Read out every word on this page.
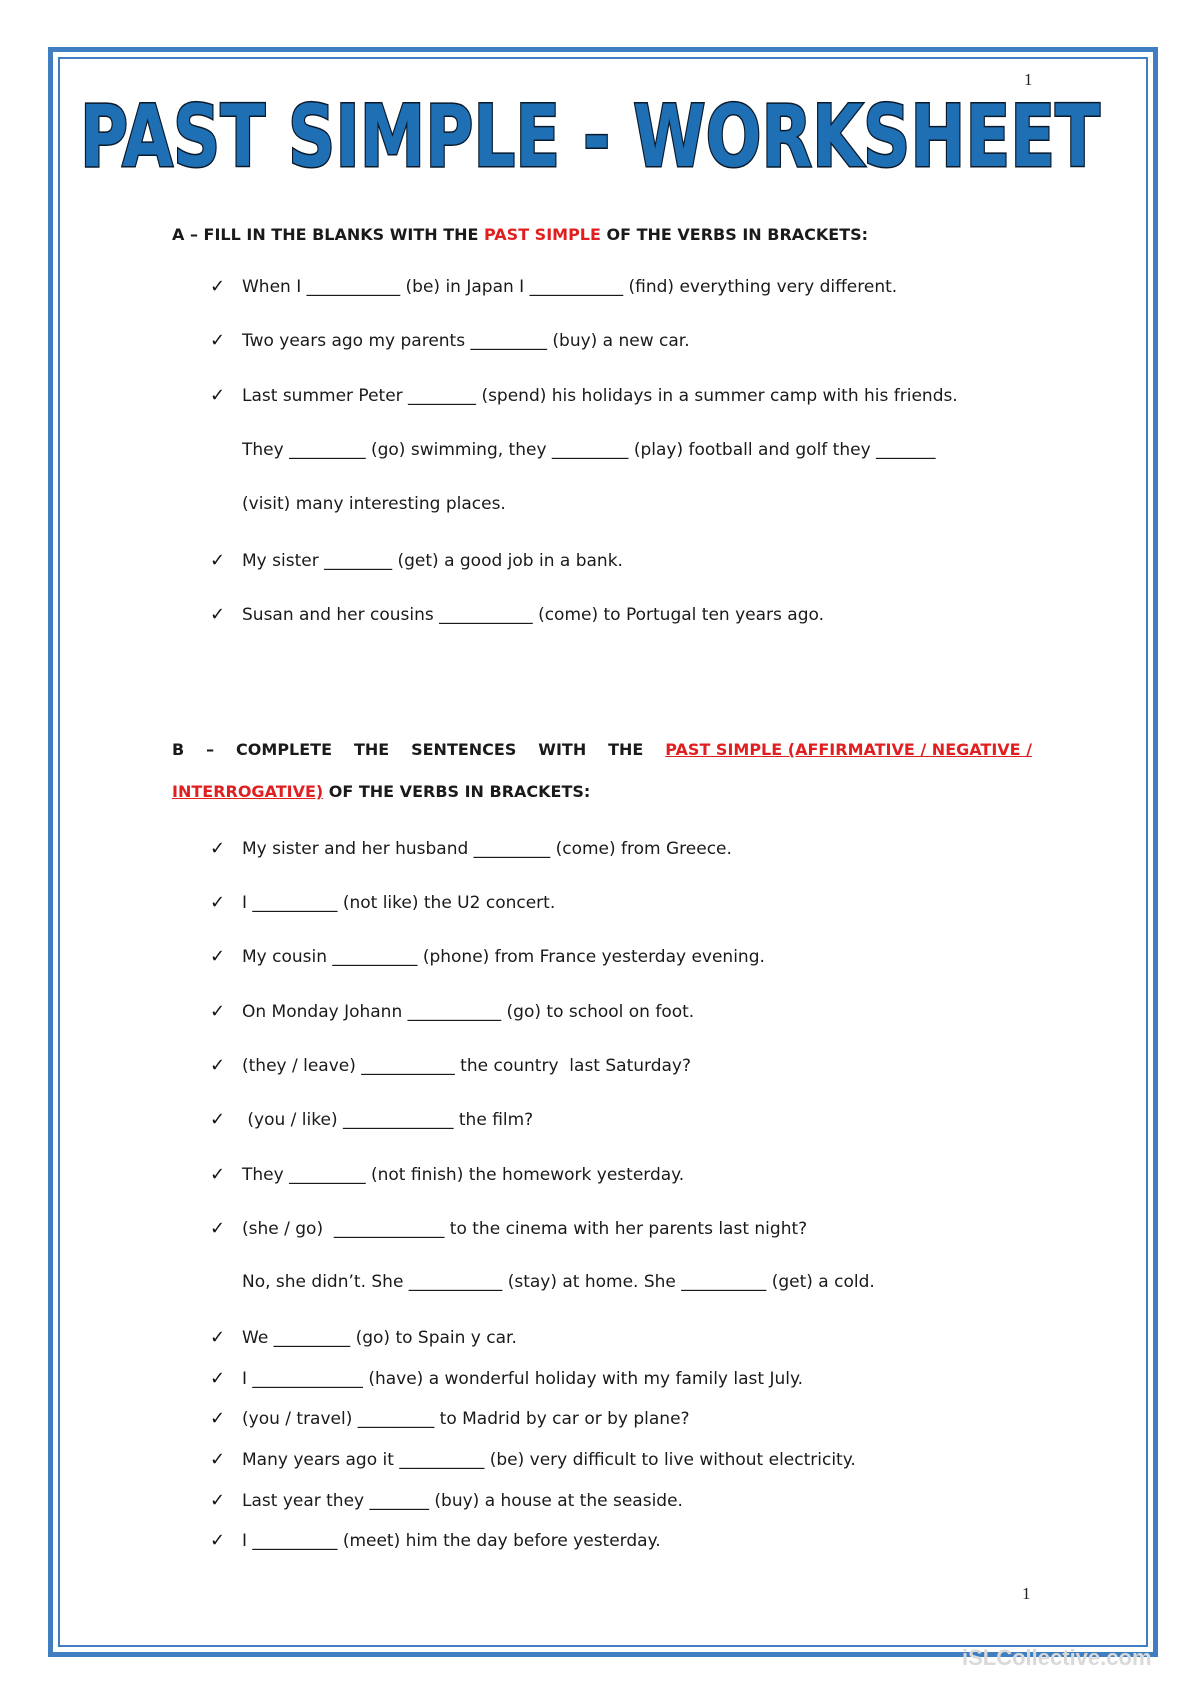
1
PAST SIMPLE - WORKSHEET
A – FILL IN THE BLANKS WITH THE PAST SIMPLE OF THE VERBS IN BRACKETS:
✓ When I ___________ (be) in Japan I ___________ (find) everything very different.
✓ Two years ago my parents _________ (buy) a new car.
✓ Last summer Peter ________ (spend) his holidays in a summer camp with his friends.
They _________ (go) swimming, they _________ (play) football and golf they _______
(visit) many interesting places.
✓ My sister ________ (get) a good job in a bank.
✓ Susan and her cousins ___________ (come) to Portugal ten years ago.
B – COMPLETE THE SENTENCES WITH THE PAST SIMPLE (AFFIRMATIVE / NEGATIVE /
INTERROGATIVE) OF THE VERBS IN BRACKETS:
✓ My sister and her husband _________ (come) from Greece.
✓ I __________ (not like) the U2 concert.
✓ My cousin __________ (phone) from France yesterday evening.
✓ On Monday Johann ___________ (go) to school on foot.
✓ (they / leave) ___________ the country  last Saturday?
✓ (you / like) _____________ the film?
✓ They _________ (not finish) the homework yesterday.
✓ (she / go)  _____________ to the cinema with her parents last night?
No, she didn’t. She ___________ (stay) at home. She __________ (get) a cold.
✓ We _________ (go) to Spain y car.
✓ I _____________ (have) a wonderful holiday with my family last July.
✓ (you / travel) _________ to Madrid by car or by plane?
✓ Many years ago it __________ (be) very difficult to live without electricity.
✓ Last year they _______ (buy) a house at the seaside.
✓ I __________ (meet) him the day before yesterday.
1
iSLCollective.com
